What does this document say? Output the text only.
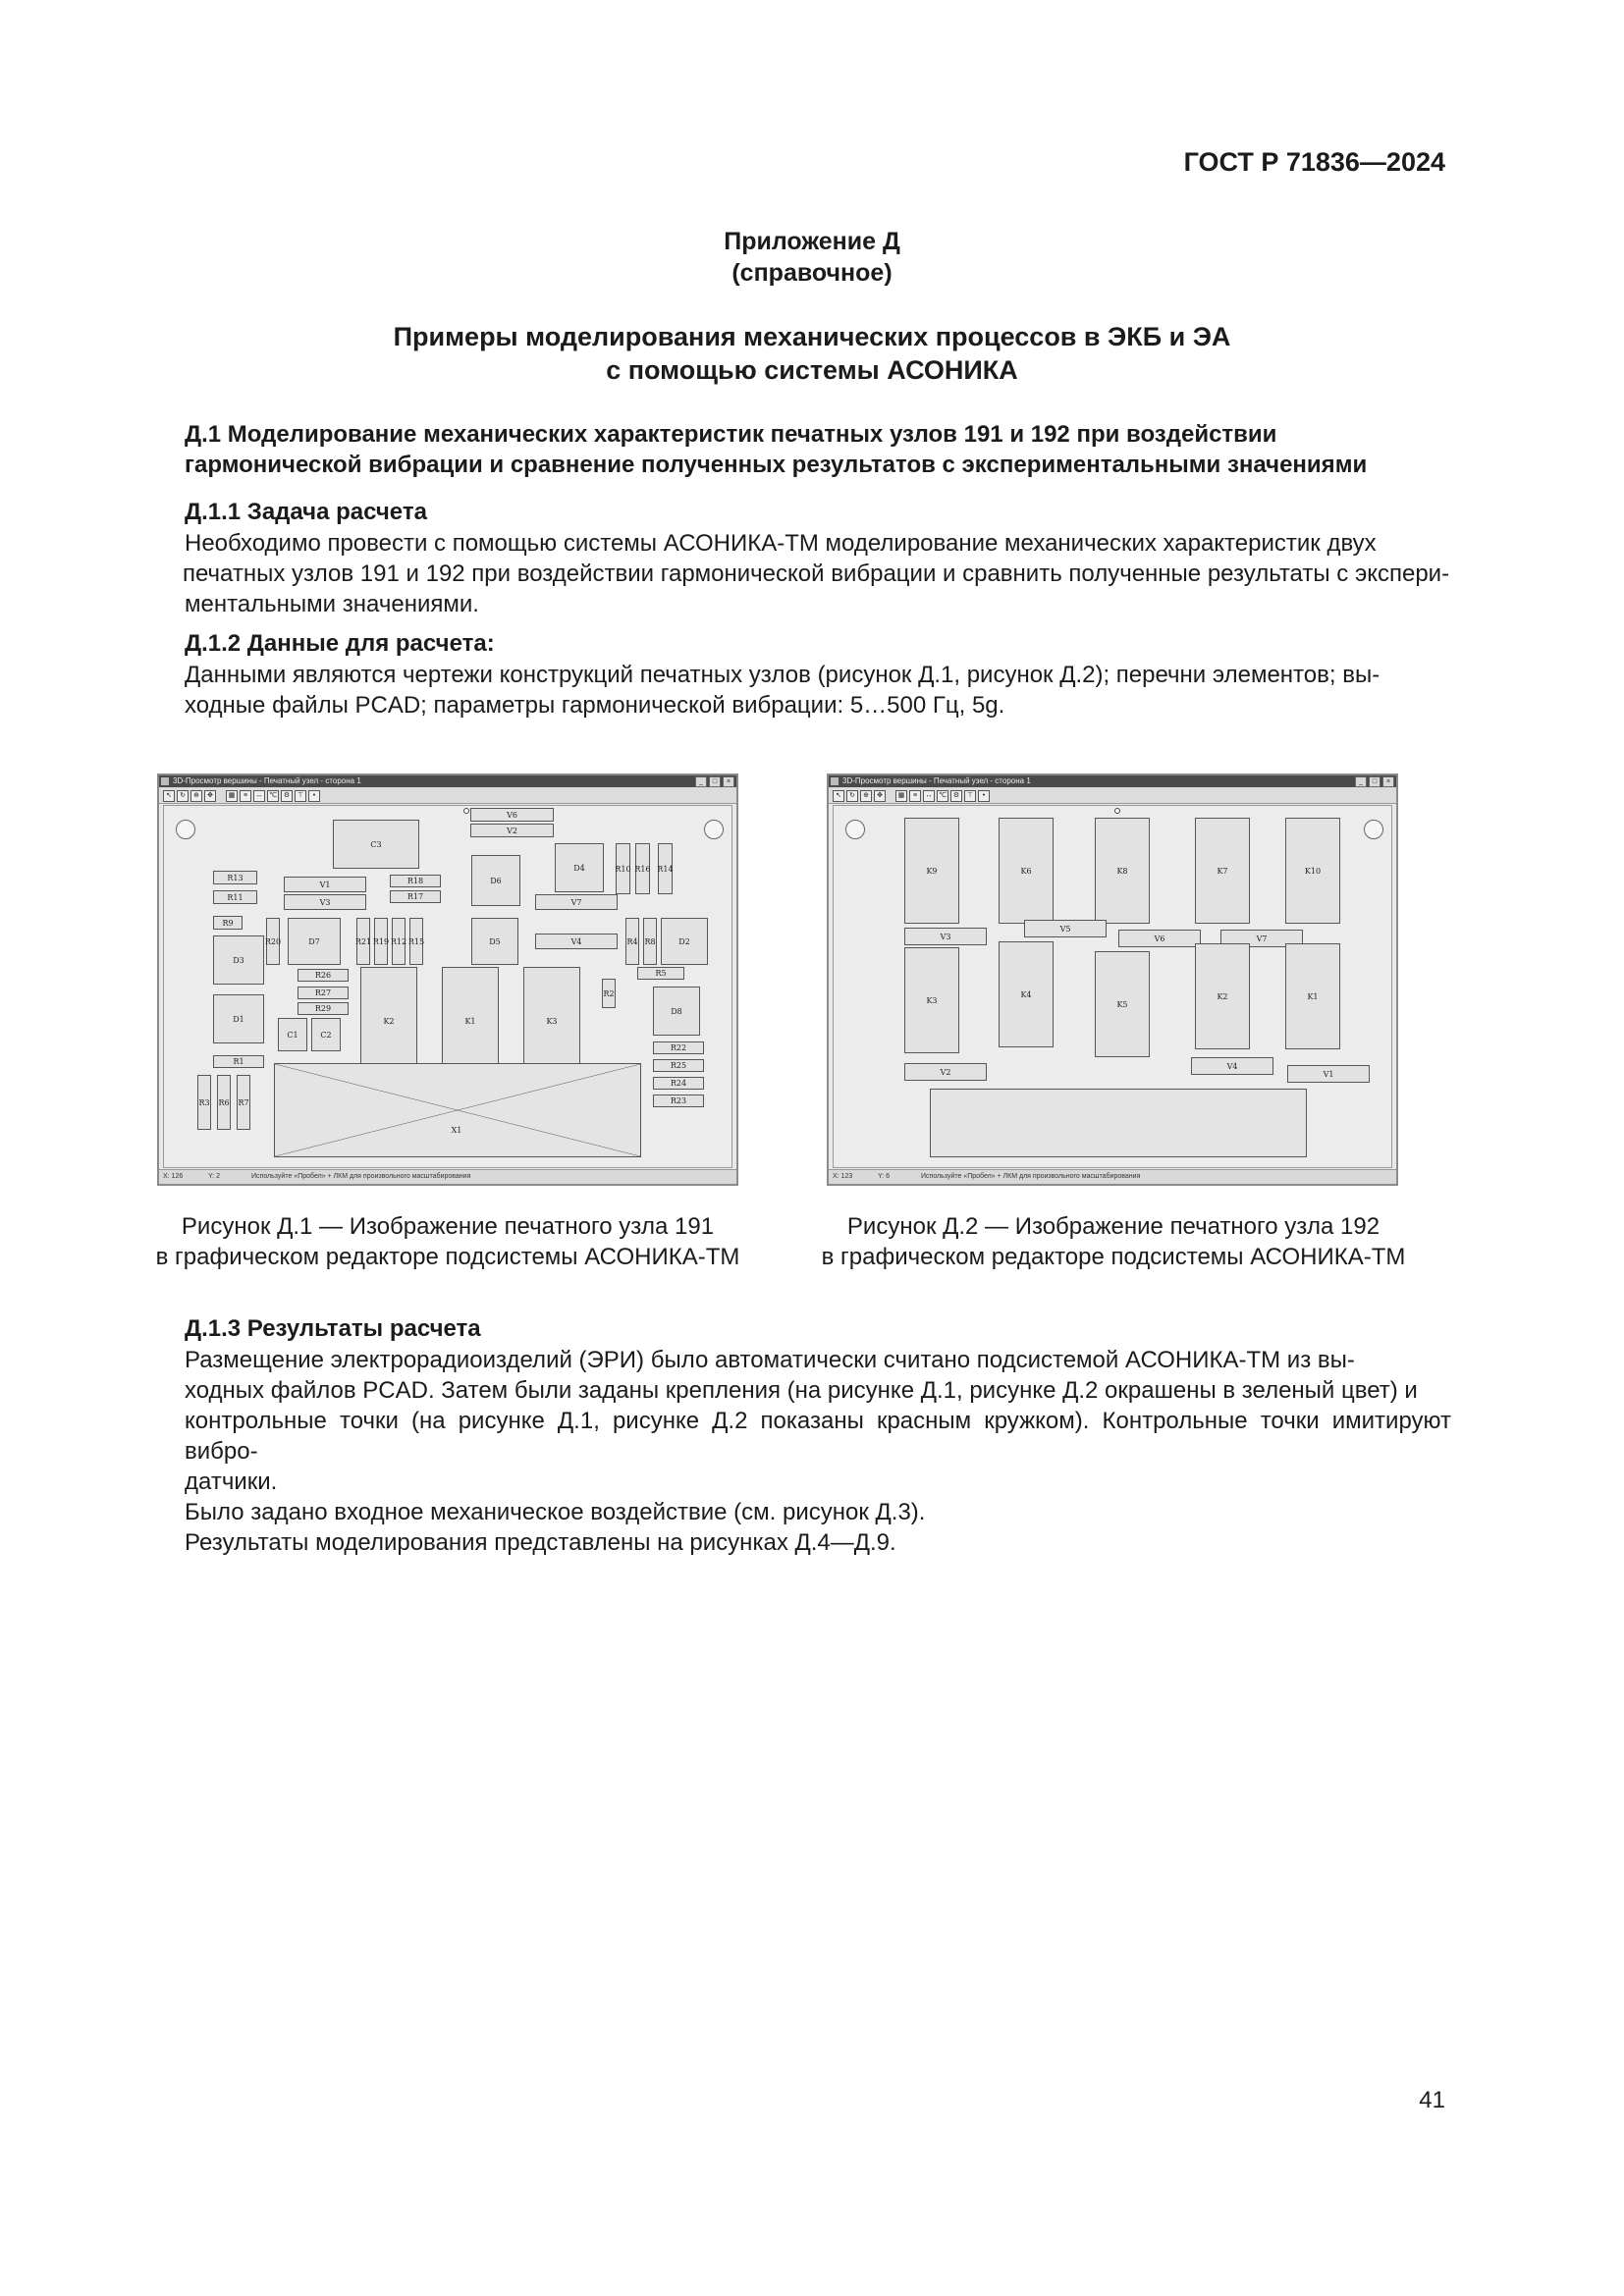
ГОСТ Р 71836—2024
Приложение Д
(справочное)
Примеры моделирования механических процессов в ЭКБ и ЭА
с помощью системы АСОНИКА
Д.1 Моделирование механических характеристик печатных узлов 191 и 192 при воздействии
гармонической вибрации и сравнение полученных результатов с экспериментальными значениями
Д.1.1 Задача расчета
Необходимо провести с помощью системы АСОНИКА-ТМ моделирование механических характеристик двух
печатных узлов 191 и 192 при воздействии гармонической вибрации и сравнить полученные результаты с экспери-
ментальными значениями.
Д.1.2 Данные для расчета:
Данными являются чертежи конструкций печатных узлов (рисунок Д.1, рисунок Д.2); перечни элементов; вы-
ходные файлы PCAD; параметры гармонической вибрации: 5…500 Гц, 5g.
3D-Просмотр вершины - Печатный узел - сторона 1	_	□	×
↖	↻	⊕	✥	▦	≡	↔ ℃ ⚙	⊤	•
C3
V6
V2
R13
R11
V1
V3
R18
R17
D6
D4	R10 R16 R14
V7
R9
R20	D7	R21 R19 R12 R15	D5	V4	R4 R8	D2
D3
R26	R5
R27
R29
K2	K1	K3
R2
D8
D1
C1	C2
R22
R1	R25
R24
R23
R3 R6 R7
X1
X: 126	Y: 2	Используйте «Пробел» + ЛКМ для произвольного масштабирования
3D-Просмотр вершины - Печатный узел - сторона 1	_	□	×
↖	↻	⊕	✥	▦	≡	↔ ℃ ⚙	⊤	•
K9	K6	K8	K7	K10
V3
V5
V6	V7
K3
K4
K5
K2	K1
V2
V4
V1
X: 123	Y: 6	Используйте «Пробел» + ЛКМ для произвольного масштабирования
Рисунок Д.1 — Изображение печатного узла 191
в графическом редакторе подсистемы АСОНИКА-ТМ
Рисунок Д.2 — Изображение печатного узла 192
в графическом редакторе подсистемы АСОНИКА-ТМ
Д.1.3 Результаты расчета
Размещение электрорадиоизделий (ЭРИ) было автоматически считано подсистемой АСОНИКА-ТМ из вы-
ходных файлов PCAD. Затем были заданы крепления (на рисунке Д.1, рисунке Д.2 окрашены в зеленый цвет) и
контрольные точки (на рисунке Д.1, рисунке Д.2 показаны красным кружком). Контрольные точки имитируют вибро-
датчики.
Было задано входное механическое воздействие (см. рисунок Д.3).
Результаты моделирования представлены на рисунках Д.4—Д.9.
41
